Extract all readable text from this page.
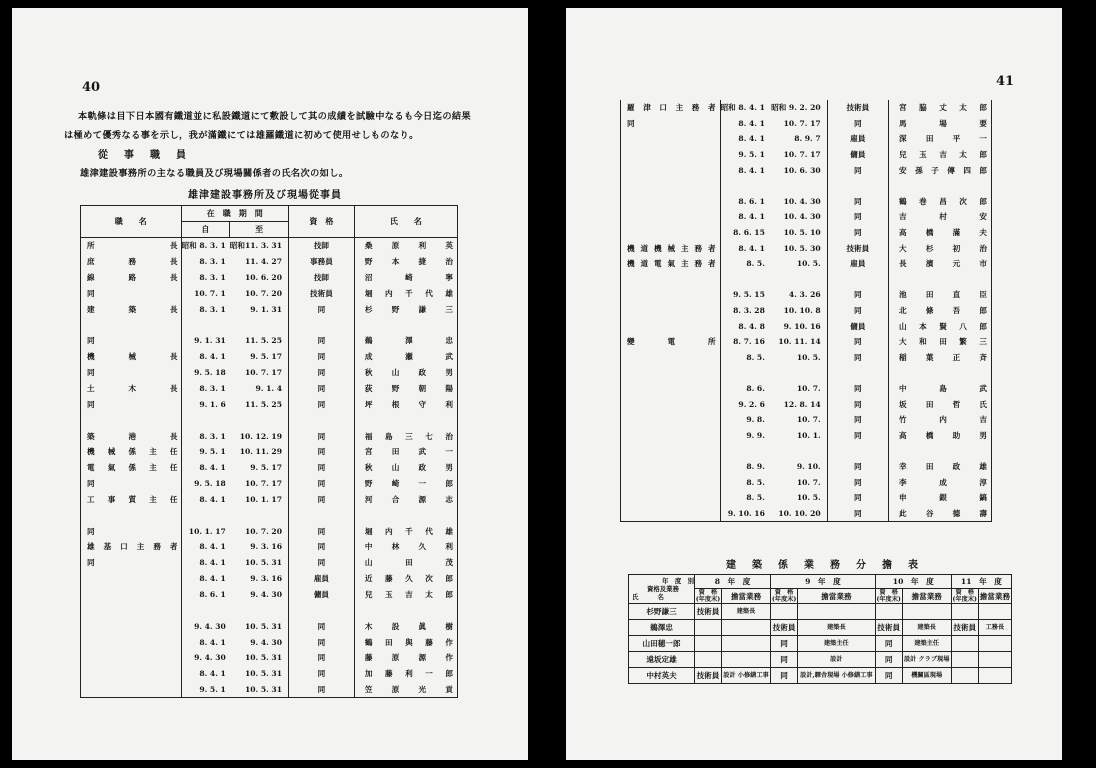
40
本軌條は目下日本國有鐵道並に私設鐵道にて敷設して其の成績を試驗中なるも今日迄の結果
は極めて優秀なる事を示し，我が滿鐵にては雄羅鐵道に初めて使用せしものなり。
從　事　職　員
雄津建設事務所の主なる職員及び現場關係者の氏名次の如し。
雄津建設事務所及び現場從事員
職　　名	在　職　期　間		資　格	氏　　名
	自	至		
所長	昭和 8. 3. 1	昭和11. 3. 31	技師	桑原利英
庶務長	8. 3. 1	11. 4. 27	事務員	野本捷治
線路長	8. 3. 1	10. 6. 20	技師	沼崎寧
同	10. 7. 1	10. 7. 20	技術員	堀内千代雄
建築長	8. 3. 1	9. 1. 31	同	杉野謙三

同	9. 1. 31	11. 5. 25	同	鵜澤忠
機械長	8. 4. 1	9. 5. 17	同	成瀬武
同	9. 5. 18	10. 7. 17	同	秋山政男
土木長	8. 3. 1	9. 1. 4	同	荻野朝陽
同	9. 1. 6	11. 5. 25	同	坪根守利

築港長	8. 3. 1	10. 12. 19	同	福島三七治
機械係主任	9. 5. 1	10. 11. 29	同	宮田武一
電氣係主任	8. 4. 1	9. 5. 17	同	秋山政男
同	9. 5. 18	10. 7. 17	同	野崎一郎
工事質主任	8. 4. 1	10. 1. 17	同	河合源志

同	10. 1. 17	10. 7. 20	同	堀内千代雄
雄基口主務者	8. 4. 1	9. 3. 16	同	中林久利
同	8. 4. 1	10. 5. 31	同	山田茂
	8. 4. 1	9. 3. 16	雇員	近藤久次郎
	8. 6. 1	9. 4. 30	傭員	兒玉吉太郎

	9. 4. 30	10. 5. 31	同	木設眞樹
	8. 4. 1	9. 4. 30	同	鶴田與藤作
	9. 4. 30	10. 5. 31	同	藤原源作
	8. 4. 1	10. 5. 31	同	加藤利一郎
	9. 5. 1	10. 5. 31	同	笠原光貢
41
羅津口主務者	昭和 8. 4. 1	昭和 9. 2. 20	技術員	宮脇丈太郎
同	8. 4. 1	10. 7. 17	同	馬場要
	8. 4. 1	8. 9. 7	雇員	深田平一
	9. 5. 1	10. 7. 17	傭員	兒玉吉太郎
	8. 4. 1	10. 6. 30	同	安孫子傳四郎

	8. 6. 1	10. 4. 30	同	鶴巻昌次郎
	8. 4. 1	10. 4. 30	同	吉村安
	8. 6. 15	10. 5. 10	同	高橋滿夫
機道機械主務者	8. 4. 1	10. 5. 30	技術員	大杉初治
機道電氣主務者	8. 5.	10. 5.	雇員	長濱元市

	9. 5. 15	4. 3. 26	同	池田直臣
	8. 3. 28	10. 10. 8	同	北條吾郎
	8. 4. 8	9. 10. 16	傭員	山本賢八郎
變電所	8. 7. 16	10. 11. 14	同	大和田繁三
	8. 5.	10. 5.	同	稲葉正斉

	8. 6.	10. 7.	同	中島武
	9. 2. 6	12. 8. 14	同	坂田哲氏
	9. 8.	10. 7.	同	竹内吉
	9. 9.	10. 1.	同	高橋助男

	8. 9.	9. 10.	同	幸田政雄
	8. 5.	10. 7.	同	李成淳
	8. 5.	10. 5.	同	申銀鎬
	9. 10. 16	10. 10. 20	同	此谷德壽
建　築　係　業　務　分　擔　表
年　度　別
資格及業務
氏　　　名	8　年　度		9　年　度		10　年　度		11　年　度	
	資　格
(年度末)	擔當業務	資　格
(年度末)	擔當業務	資　格
(年度末)	擔當業務	資　格
(年度末)	擔當業務
杉野謙三	技術員	建築長						
鵜澤忠			技術員	建築長	技術員	建築長	技術員	工務長
山田穂一郎			同	建築主任	同	建築主任		
遠坂定雄			同	設計	同	設計 クラブ現場		
中村英夫	技術員	設計 小修繕工事	同	設計,驛舎現場 小修繕工事	同	機關區現場		
